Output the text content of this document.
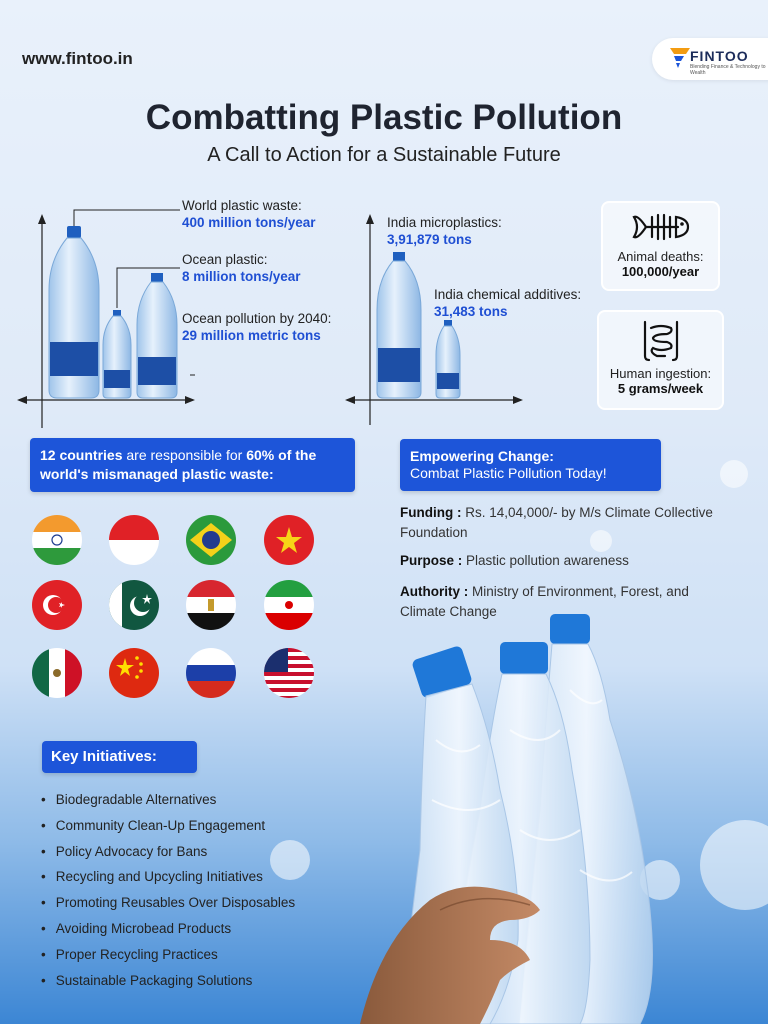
www.fintoo.in	FINTOO
Blending Finance & Technology to Wealth
Combatting Plastic Pollution
A Call to Action for a Sustainable Future
World plastic waste:
400 million tons/year
Ocean plastic:
8 million tons/year
Ocean pollution by 2040:
29 million metric tons
India microplastics:
3,91,879 tons
India chemical additives:
31,483 tons
Animal deaths:
100,000/year
Human ingestion:
5 grams/week
12 countries are responsible for 60% of the world's mismanaged plastic waste:
Empowering Change:
Combat Plastic Pollution Today!
Funding : Rs. 14,04,000/- by M/s Climate Collective Foundation
Purpose : Plastic pollution awareness
Authority : Ministry of Environment, Forest, and Climate Change
Key Initiatives:
• Biodegradable Alternatives
• Community Clean-Up Engagement
• Policy Advocacy for Bans
• Recycling and Upcycling Initiatives
• Promoting Reusables Over Disposables
• Avoiding Microbead Products
• Proper Recycling Practices
• Sustainable Packaging Solutions
